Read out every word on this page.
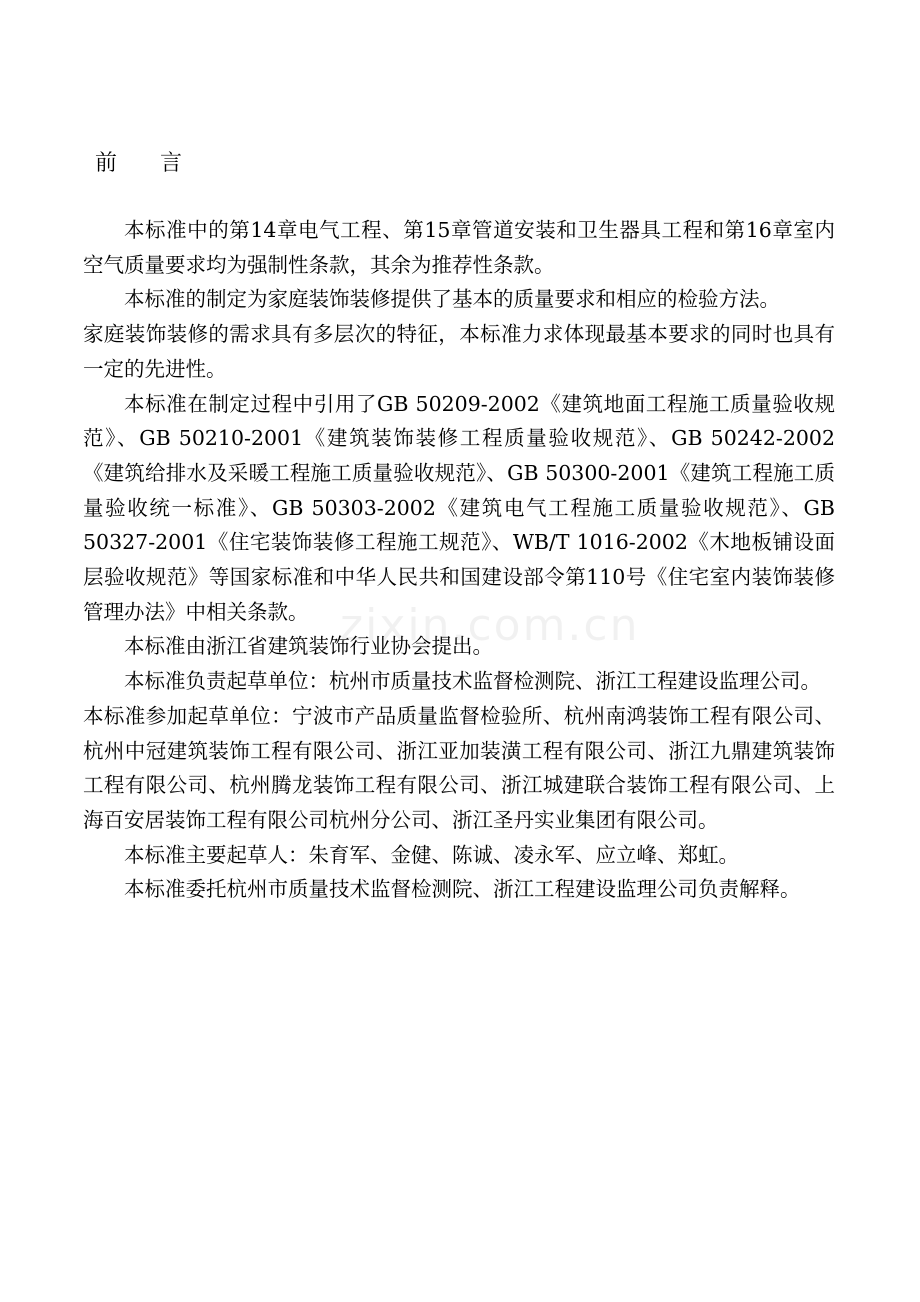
前言

本标准中的第14章电气工程、第15章管道安装和卫生器具工程和第16章室内空气质量要求均为强制性条款，其余为推荐性条款。

本标准的制定为家庭装饰装修提供了基本的质量要求和相应的检验方法。

家庭装饰装修的需求具有多层次的特征，本标准力求体现最基本要求的同时也具有一定的先进性。

本标准在制定过程中引用了GB 50209-2002《建筑地面工程施工质量验收规范》、GB 50210-2001《建筑装饰装修工程质量验收规范》、GB 50242-2002《建筑给排水及采暖工程施工质量验收规范》、GB 50300-2001《建筑工程施工质量验收统一标准》、GB 50303-2002《建筑电气工程施工质量验收规范》、GB 50327-2001《住宅装饰装修工程施工规范》、WB/T 1016-2002《木地板铺设面层验收规范》等国家标准和中华人民共和国建设部令第110号《住宅室内装饰装修管理办法》中相关条款。

本标准由浙江省建筑装饰行业协会提出。

本标准负责起草单位：杭州市质量技术监督检测院、浙江工程建设监理公司。

本标准参加起草单位：宁波市产品质量监督检验所、杭州南鸿装饰工程有限公司、杭州中冠建筑装饰工程有限公司、浙江亚加装潢工程有限公司、浙江九鼎建筑装饰工程有限公司、杭州腾龙装饰工程有限公司、浙江城建联合装饰工程有限公司、上海百安居装饰工程有限公司杭州分公司、浙江圣丹实业集团有限公司。

本标准主要起草人：朱育军、金健、陈诚、凌永军、应立峰、郑虹。

本标准委托杭州市质量技术监督检测院、浙江工程建设监理公司负责解释。

zixin.com.cn
